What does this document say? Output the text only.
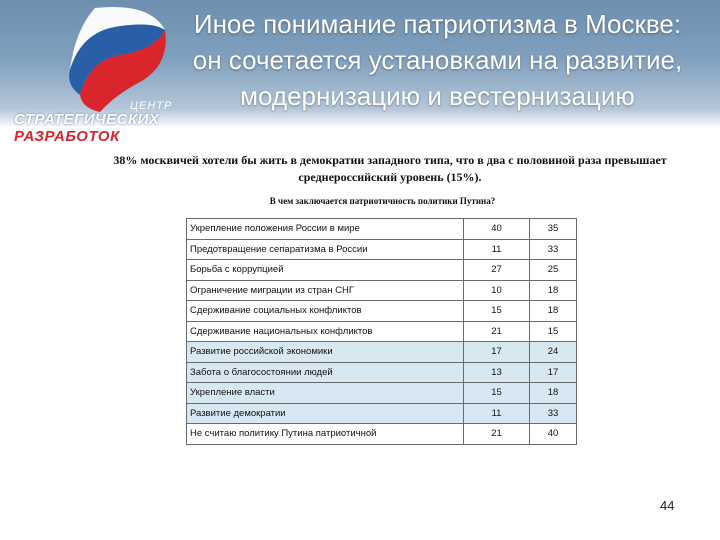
ЦЕНТР
Иное понимание патриотизма в Москве:
он сочетается установками на развитие,
модернизацию и вестернизацию
СТРАТЕГИЧЕСКИХ
РАЗРАБОТОК
38% москвичей хотели бы жить в демократии западного типа, что в два с половиной раза превышает среднероссийский уровень (15%).
В чем заключается патриотичность политики Путина?
Укрепление положения России в мире	40	35
Предотвращение сепаратизма в России	11	33
Борьба с коррупцией	27	25
Ограничение миграции из стран СНГ	10	18
Сдерживание социальных конфликтов	15	18
Сдерживание национальных конфликтов	21	15
Развитие российской экономики	17	24
Забота о благосостоянии людей	13	17
Укрепление власти	15	18
Развитие демократии	11	33
Не считаю политику Путина патриотичной	21	40
44
